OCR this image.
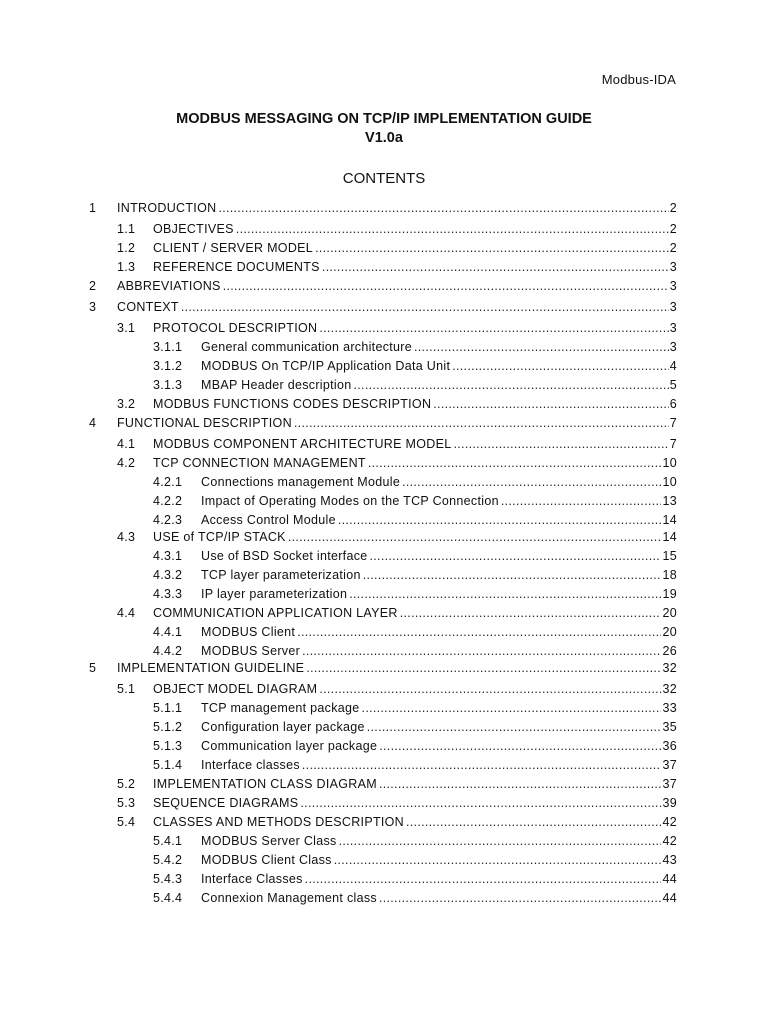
Modbus-IDA
MODBUS MESSAGING ON TCP/IP IMPLEMENTATION GUIDE
V1.0a
CONTENTS
1 INTRODUCTION	2
.....
1.1 OBJECTIVES	2
.....
1.2 CLIENT / SERVER MODEL	2
.....
1.3 REFERENCE DOCUMENTS	3
.....
2 ABBREVIATIONS	3
.....
3 CONTEXT	3
.....
3.1 PROTOCOL DESCRIPTION	3
.....
3.1.1 General communication architecture	3
.....
3.1.2 MODBUS On TCP/IP Application Data Unit	4
.....
3.1.3 MBAP Header description	5
.....
3.2 MODBUS FUNCTIONS CODES DESCRIPTION	6
.....
4 FUNCTIONAL DESCRIPTION	7
.....
4.1 MODBUS COMPONENT ARCHITECTURE MODEL	7
.....
4.2 TCP CONNECTION MANAGEMENT	10
.....
4.2.1 Connections management Module	10
.....
4.2.2 Impact of Operating Modes on the TCP Connection	13
.....
4.2.3 Access Control Module	14
.....
4.3 USE of TCP/IP STACK	14
.....
4.3.1 Use of BSD Socket interface	15
.....
4.3.2 TCP layer parameterization	18
.....
4.3.3 IP layer parameterization	19
.....
4.4 COMMUNICATION APPLICATION LAYER	20
.....
4.4.1 MODBUS Client	20
.....
4.4.2 MODBUS Server	26
.....
5 IMPLEMENTATION GUIDELINE	32
.....
5.1 OBJECT MODEL DIAGRAM	32
.....
5.1.1 TCP management package	33
.....
5.1.2 Configuration layer package	35
.....
5.1.3 Communication layer package	36
.....
5.1.4 Interface classes	37
.....
5.2 IMPLEMENTATION CLASS DIAGRAM	37
.....
5.3 SEQUENCE DIAGRAMS	39
.....
5.4 CLASSES AND METHODS DESCRIPTION	42
.....
5.4.1 MODBUS Server Class	42
.....
5.4.2 MODBUS Client Class	43
.....
5.4.3 Interface Classes	44
.....
5.4.4 Connexion Management class	44
.....
